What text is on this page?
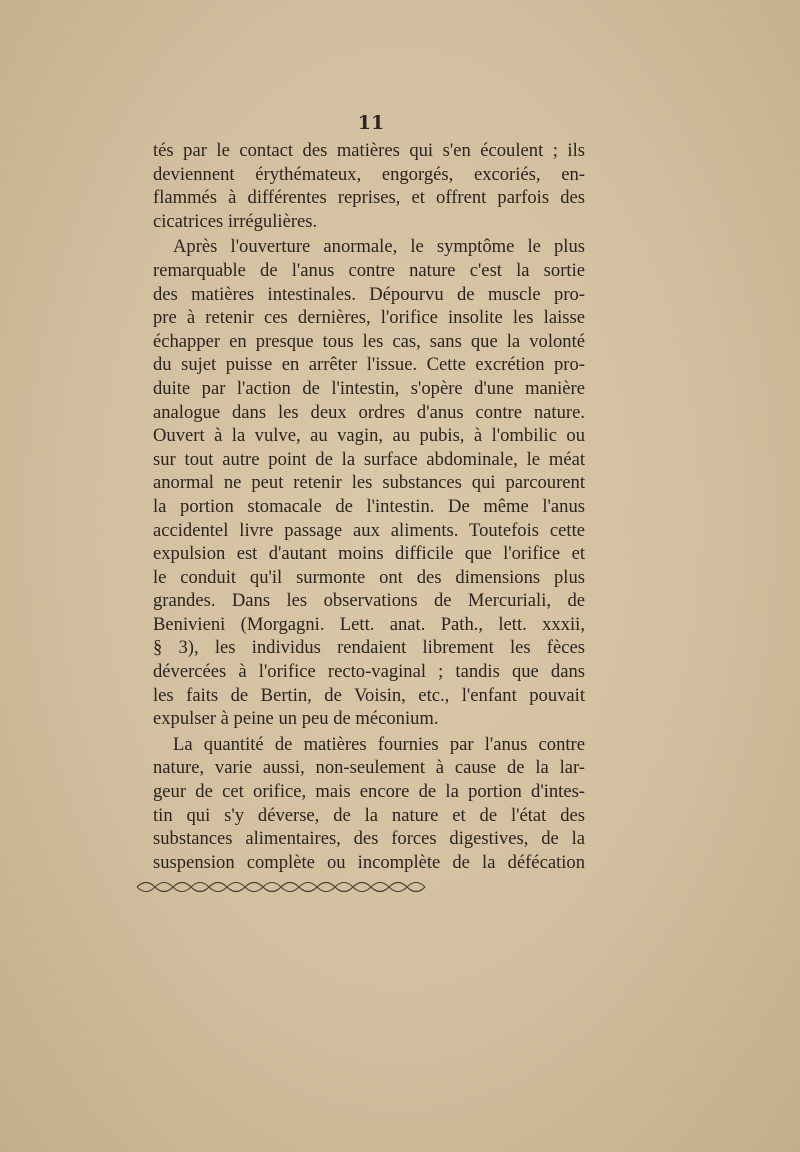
11
tés par le contact des matières qui s'en écoulent ; ils
deviennent érythémateux, engorgés, excoriés, en-
flammés à différentes reprises, et offrent parfois des
cicatrices irrégulières.
Après l'ouverture anormale, le symptôme le plus
remarquable de l'anus contre nature c'est la sortie
des matières intestinales. Dépourvu de muscle pro-
pre à retenir ces dernières, l'orifice insolite les laisse
échapper en presque tous les cas, sans que la volonté
du sujet puisse en arrêter l'issue. Cette excrétion pro-
duite par l'action de l'intestin, s'opère d'une manière
analogue dans les deux ordres d'anus contre nature.
Ouvert à la vulve, au vagin, au pubis, à l'ombilic ou
sur tout autre point de la surface abdominale, le méat
anormal ne peut retenir les substances qui parcourent
la portion stomacale de l'intestin. De même l'anus
accidentel livre passage aux aliments. Toutefois cette
expulsion est d'autant moins difficile que l'orifice et
le conduit qu'il surmonte ont des dimensions plus
grandes. Dans les observations de Mercuriali, de
Benivieni (Morgagni. Lett. anat. Path., lett. xxxii,
§ 3), les individus rendaient librement les fèces
dévercées à l'orifice recto-vaginal ; tandis que dans
les faits de Bertin, de Voisin, etc., l'enfant pouvait
expulser à peine un peu de méconium.
La quantité de matières fournies par l'anus contre
nature, varie aussi, non-seulement à cause de la lar-
geur de cet orifice, mais encore de la portion d'intes-
tin qui s'y déverse, de la nature et de l'état des
substances alimentaires, des forces digestives, de la
suspension complète ou incomplète de la défécation
